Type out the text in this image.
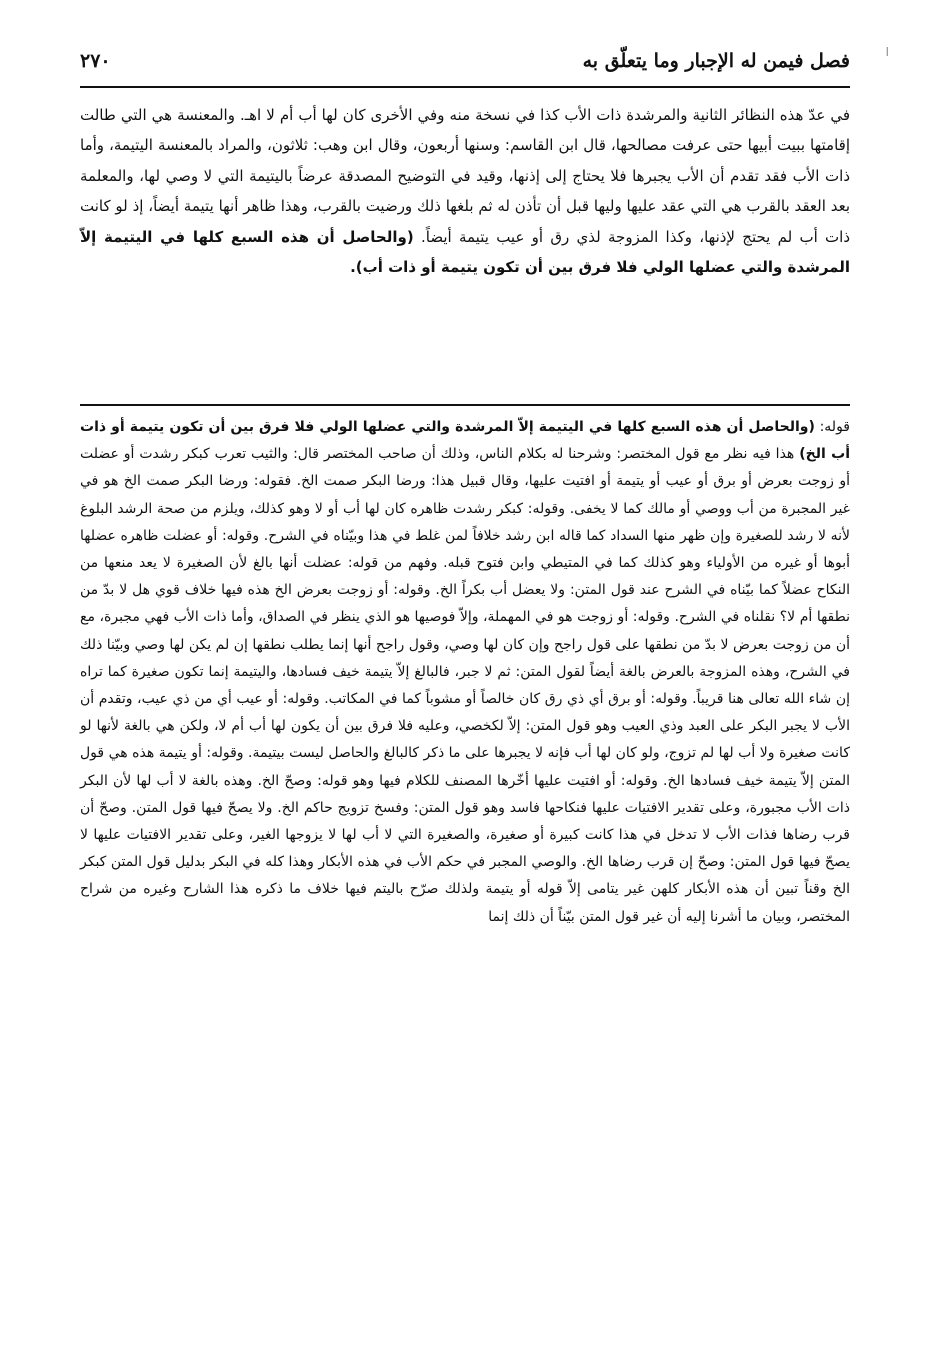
فصل فيمن له الإجبار وما يتعلّق به
٢٧٠	׀
في عدّ هذه النظائر الثانية والمرشدة ذات الأب كذا في نسخة منه وفي الأخرى كان لها أب أم لا اهـ. والمعنسة هي التي طالت إقامتها ببيت أبيها حتى عرفت مصالحها، قال ابن القاسم: وسنها أربعون، وقال ابن وهب: ثلاثون، والمراد بالمعنسة اليتيمة، وأما ذات الأب فقد تقدم أن الأب يجبرها فلا يحتاج إلى إذنها، وقيد في التوضيح المصدقة عرضاً باليتيمة التي لا وصي لها، والمعلمة بعد العقد بالقرب هي التي عقد عليها وليها قبل أن تأذن له ثم بلغها ذلك ورضيت بالقرب، وهذا ظاهر أنها يتيمة أيضاً، إذ لو كانت ذات أب لم يحتج لإذنها، وكذا المزوجة لذي رق أو عيب يتيمة أيضاً. (والحاصل أن هذه السبع كلها في اليتيمة إلاّ المرشدة والتي عضلها الولي فلا فرق بين أن تكون يتيمة أو ذات أب).
قوله: (والحاصل أن هذه السبع كلها في اليتيمة إلاّ المرشدة والتي عضلها الولي فلا فرق بين أن تكون يتيمة أو ذات أب الخ) هذا فيه نظر مع قول المختصر: وشرحنا له بكلام الناس، وذلك أن صاحب المختصر قال: والثيب تعرب كبكر رشدت أو عضلت أو زوجت بعرض أو برق أو عيب أو يتيمة أو افتيت عليها، وقال قبيل هذا: ورضا البكر صمت الخ. فقوله: ورضا البكر صمت الخ هو في غير المجبرة من أب ووصي أو مالك كما لا يخفى. وقوله: كبكر رشدت ظاهره كان لها أب أو لا وهو كذلك، ويلزم من صحة الرشد البلوغ لأنه لا رشد للصغيرة وإن ظهر منها السداد كما قاله ابن رشد خلافاً لمن غلط في هذا وبيّناه في الشرح. وقوله: أو عضلت ظاهره عضلها أبوها أو غيره من الأولياء وهو كذلك كما في المتيطي وابن فتوح قبله. وفهم من قوله: عضلت أنها بالغ لأن الصغيرة لا يعد منعها من النكاح عضلاً كما بيّناه في الشرح عند قول المتن: ولا يعضل أب بكراً الخ. وقوله: أو زوجت بعرض الخ هذه فيها خلاف قوي هل لا بدّ من نطقها أم لا؟ نقلناه في الشرح. وقوله: أو زوجت هو في المهملة، وإلاّ فوصيها هو الذي ينظر في الصداق، وأما ذات الأب فهي مجبرة، مع أن من زوجت بعرض لا بدّ من نطقها على قول راجح وإن كان لها وصي، وقول راجح أنها إنما يطلب نطقها إن لم يكن لها وصي وبيّنا ذلك في الشرح، وهذه المزوجة بالعرض بالغة أيضاً لقول المتن: ثم لا جبر، فالبالغ إلاّ يتيمة خيف فسادها، واليتيمة إنما تكون صغيرة كما تراه إن شاء الله تعالى هنا قريباً. وقوله: أو برق أي ذي رق كان خالصاً أو مشوباً كما في المكاتب. وقوله: أو عيب أي من ذي عيب، وتقدم أن الأب لا يجبر البكر على العبد وذي العيب وهو قول المتن: إلاّ لكخصي، وعليه فلا فرق بين أن يكون لها أب أم لا، ولكن هي بالغة لأنها لو كانت صغيرة ولا أب لها لم تزوج، ولو كان لها أب فإنه لا يجبرها على ما ذكر كالبالغ والحاصل ليست بيتيمة. وقوله: أو يتيمة هذه هي قول المتن إلاّ يتيمة خيف فسادها الخ. وقوله: أو افتيت عليها أخّرها المصنف للكلام فيها وهو قوله: وصحّ الخ. وهذه بالغة لا أب لها لأن البكر ذات الأب مجبورة، وعلى تقدير الافتيات عليها فنكاحها فاسد وهو قول المتن: وفسخ تزويج حاكم الخ. ولا يصحّ فيها قول المتن. وصحّ أن قرب رضاها فذات الأب لا تدخل في هذا كانت كبيرة أو صغيرة، والصغيرة التي لا أب لها لا يزوجها الغير، وعلى تقدير الافتيات عليها لا يصحّ فيها قول المتن: وصحّ إن قرب رضاها الخ. والوصي المجبر في حكم الأب في هذه الأبكار وهذا كله في البكر بدليل قول المتن كبكر الخ وقناً تبين أن هذه الأبكار كلهن غير يتامى إلاّ قوله أو يتيمة ولذلك صرّح باليتم فيها خلاف ما ذكره هذا الشارح وغيره من شراح المختصر، وبيان ما أشرنا إليه أن غير قول المتن بيّناً أن ذلك إنما
